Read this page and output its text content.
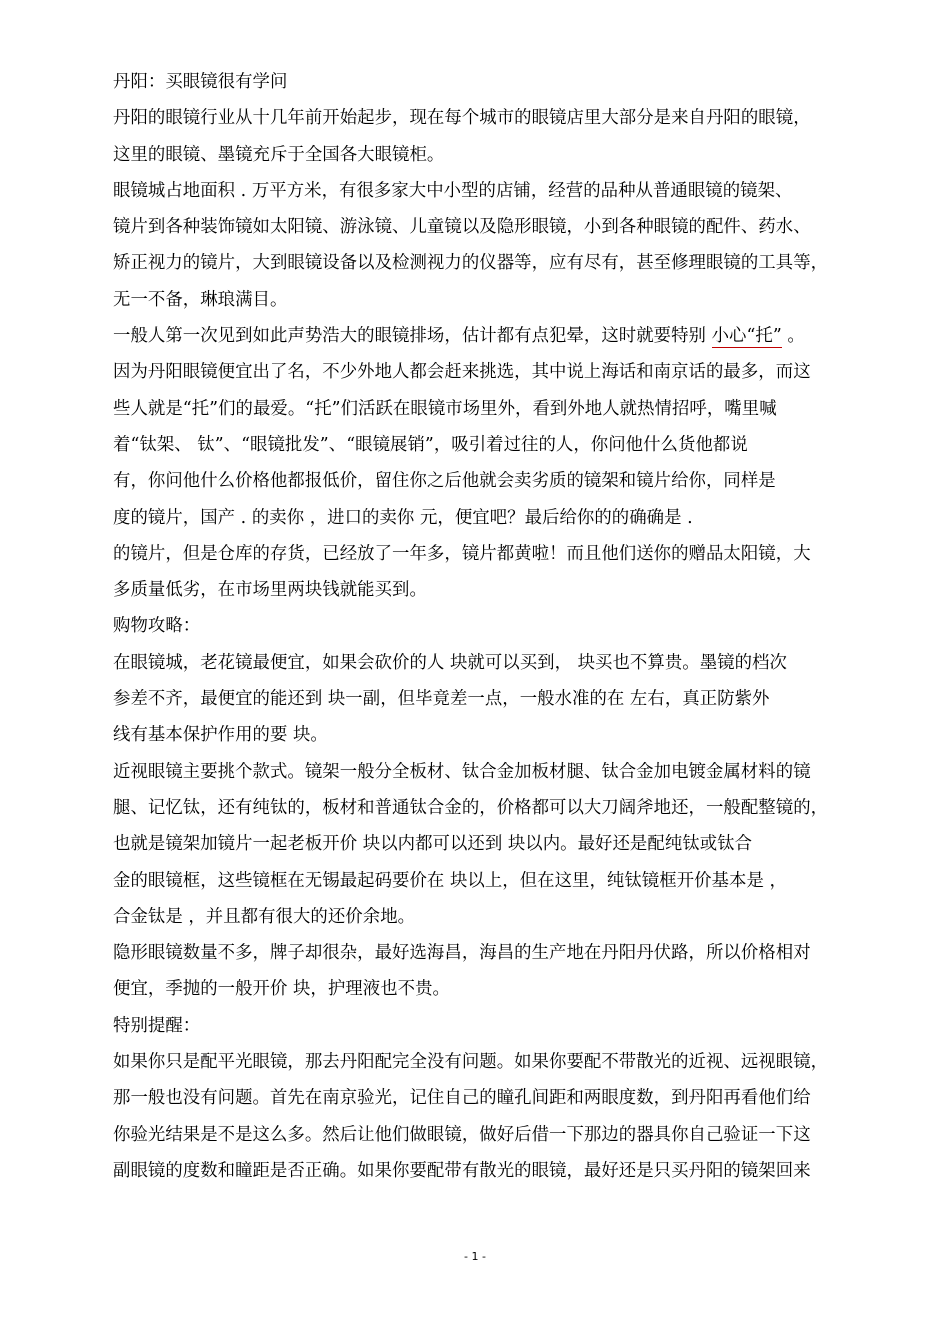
丹阳：买眼镜很有学问
丹阳的眼镜行业从十几年前开始起步，现在每个城市的眼镜店里大部分是来自丹阳的眼镜，
这里的眼镜、墨镜充斥于全国各大眼镜柜。
眼镜城占地面积 . 万平方米，有很多家大中小型的店铺，经营的品种从普通眼镜的镜架、
镜片到各种装饰镜如太阳镜、游泳镜、儿童镜以及隐形眼镜，小到各种眼镜的配件、药水、
矫正视力的镜片，大到眼镜设备以及检测视力的仪器等，应有尽有，甚至修理眼镜的工具等，
无一不备，琳琅满目。
一般人第一次见到如此声势浩大的眼镜排场，估计都有点犯晕，这时就要特别 小心“托” 。
因为丹阳眼镜便宜出了名，不少外地人都会赶来挑选，其中说上海话和南京话的最多，而这
些人就是“托”们的最爱。“托”们活跃在眼镜市场里外，看到外地人就热情招呼，嘴里喊
着“钛架、 钛”、“眼镜批发”、“眼镜展销”，吸引着过往的人，你问他什么货他都说
有，你问他什么价格他都报低价，留住你之后他就会卖劣质的镜架和镜片给你，同样是
度的镜片，国产 . 的卖你 ，进口的卖你 元，便宜吧？最后给你的的确确是 .
的镜片，但是仓库的存货，已经放了一年多，镜片都黄啦！而且他们送你的赠品太阳镜，大
多质量低劣，在市场里两块钱就能买到。
购物攻略：
在眼镜城，老花镜最便宜，如果会砍价的人 块就可以买到， 块买也不算贵。墨镜的档次
参差不齐，最便宜的能还到 块一副，但毕竟差一点，一般水准的在 左右，真正防紫外
线有基本保护作用的要 块。
近视眼镜主要挑个款式。镜架一般分全板材、钛合金加板材腿、钛合金加电镀金属材料的镜
腿、记忆钛，还有纯钛的，板材和普通钛合金的，价格都可以大刀阔斧地还，一般配整镜的，
也就是镜架加镜片一起老板开价 块以内都可以还到 块以内。最好还是配纯钛或钛合
金的眼镜框，这些镜框在无锡最起码要价在 块以上，但在这里，纯钛镜框开价基本是 ，
合金钛是 ，并且都有很大的还价余地。
隐形眼镜数量不多，牌子却很杂，最好选海昌，海昌的生产地在丹阳丹伏路，所以价格相对
便宜，季抛的一般开价 块，护理液也不贵。
特别提醒：
如果你只是配平光眼镜，那去丹阳配完全没有问题。如果你要配不带散光的近视、远视眼镜，
那一般也没有问题。首先在南京验光，记住自己的瞳孔间距和两眼度数，到丹阳再看他们给
你验光结果是不是这么多。然后让他们做眼镜，做好后借一下那边的器具你自己验证一下这
副眼镜的度数和瞳距是否正确。如果你要配带有散光的眼镜，最好还是只买丹阳的镜架回来
- 1 -
